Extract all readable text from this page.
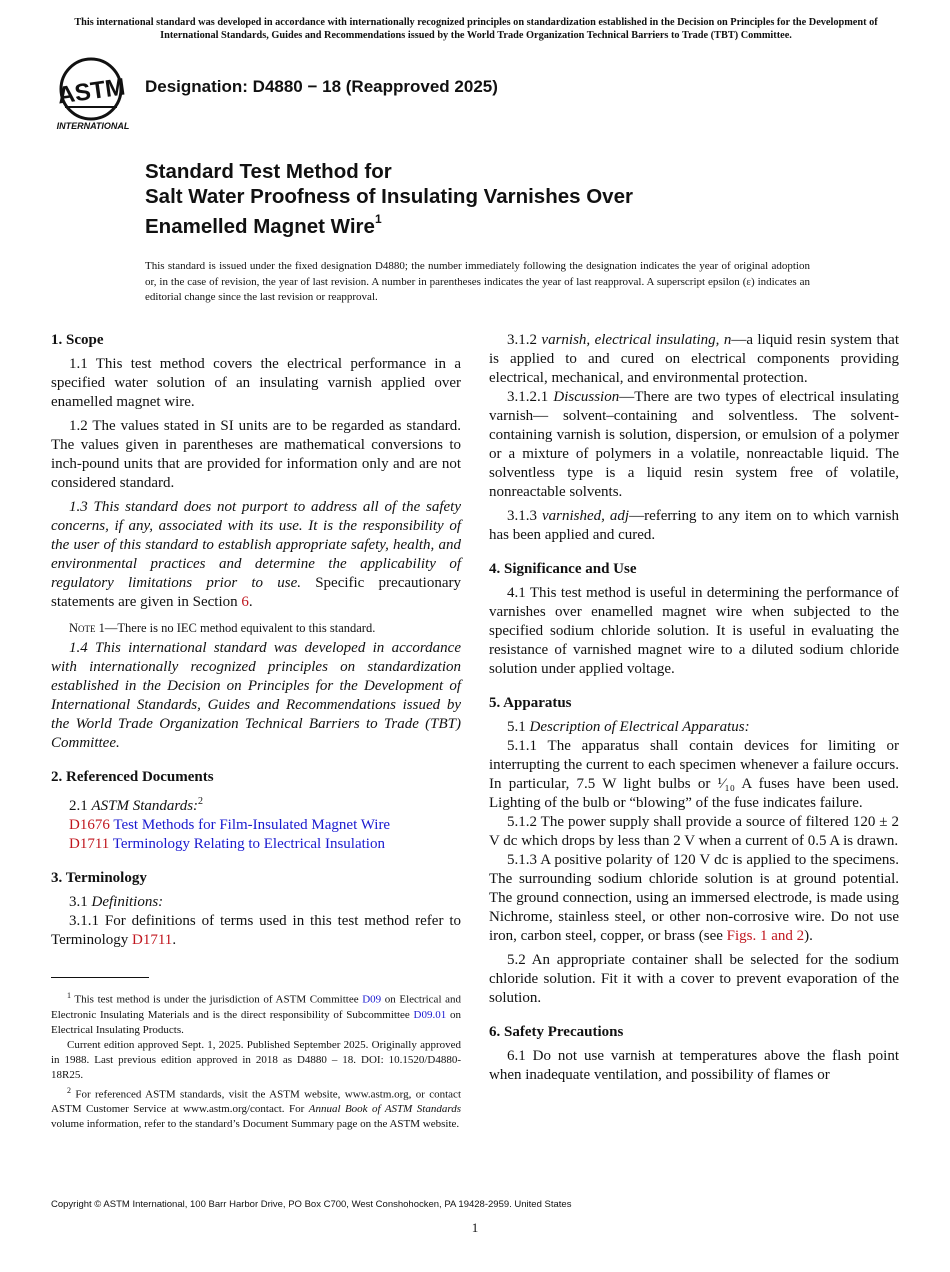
This international standard was developed in accordance with internationally recognized principles on standardization established in the Decision on Principles for the Development of International Standards, Guides and Recommendations issued by the World Trade Organization Technical Barriers to Trade (TBT) Committee.
ASTM
INTERNATIONAL
Designation: D4880 − 18 (Reapproved 2025)
Standard Test Method for
Salt Water Proofness of Insulating Varnishes Over
Enamelled Magnet Wire$^1$
This standard is issued under the fixed designation D4880; the number immediately following the designation indicates the year of original adoption or, in the case of revision, the year of last revision. A number in parentheses indicates the year of last reapproval. A superscript epsilon (ε) indicates an editorial change since the last revision or reapproval.
1. Scope

1.1 This test method covers the electrical performance in a specified water solution of an insulating varnish applied over enamelled magnet wire.

1.2 The values stated in SI units are to be regarded as standard. The values given in parentheses are mathematical conversions to inch-pound units that are provided for information only and are not considered standard.

1.3 This standard does not purport to address all of the safety concerns, if any, associated with its use. It is the responsibility of the user of this standard to establish appropriate safety, health, and environmental practices and determine the applicability of regulatory limitations prior to use. Specific precautionary statements are given in Section 6.

Note 1—There is no IEC method equivalent to this standard.

1.4 This international standard was developed in accordance with internationally recognized principles on standardization established in the Decision on Principles for the Development of International Standards, Guides and Recommendations issued by the World Trade Organization Technical Barriers to Trade (TBT) Committee.

2. Referenced Documents

2.1 ASTM Standards:$^2$

D1676 Test Methods for Film-Insulated Magnet Wire

D1711 Terminology Relating to Electrical Insulation

3. Terminology

3.1 Definitions:

3.1.1 For definitions of terms used in this test method refer to Terminology D1711.

$^1$ This test method is under the jurisdiction of ASTM Committee D09 on Electrical and Electronic Insulating Materials and is the direct responsibility of Subcommittee D09.01 on Electrical Insulating Products.

Current edition approved Sept. 1, 2025. Published September 2025. Originally approved in 1988. Last previous edition approved in 2018 as D4880 – 18. DOI: 10.1520/D4880-18R25.

$^2$ For referenced ASTM standards, visit the ASTM website, www.astm.org, or contact ASTM Customer Service at www.astm.org/contact. For Annual Book of ASTM Standards volume information, refer to the standard’s Document Summary page on the ASTM website.

3.1.2 varnish, electrical insulating, n—a liquid resin system that is applied to and cured on electrical components providing electrical, mechanical, and environmental protection.

3.1.2.1 Discussion—There are two types of electrical insulating varnish— solvent–containing and solventless. The solvent-containing varnish is solution, dispersion, or emulsion of a polymer or a mixture of polymers in a volatile, nonreactable liquid. The solventless type is a liquid resin system free of volatile, nonreactable solvents.

3.1.3 varnished, adj—referring to any item on to which varnish has been applied and cured.

4. Significance and Use

4.1 This test method is useful in determining the performance of varnishes over enamelled magnet wire when subjected to the specified sodium chloride solution. It is useful in evaluating the resistance of varnished magnet wire to a diluted sodium chloride solution under applied voltage.

5. Apparatus

5.1 Description of Electrical Apparatus:

5.1.1 The apparatus shall contain devices for limiting or interrupting the current to each specimen whenever a failure occurs. In particular, 7.5 W light bulbs or ¹⁄₁₀ A fuses have been used. Lighting of the bulb or “blowing” of the fuse indicates failure.

5.1.2 The power supply shall provide a source of filtered 120 ± 2 V dc which drops by less than 2 V when a current of 0.5 A is drawn.

5.1.3 A positive polarity of 120 V dc is applied to the specimens. The surrounding sodium chloride solution is at ground potential. The ground connection, using an immersed electrode, is made using Nichrome, stainless steel, or other non-corrosive wire. Do not use iron, carbon steel, copper, or brass (see Figs. 1 and 2).

5.2 An appropriate container shall be selected for the sodium chloride solution. Fit it with a cover to prevent evaporation of the solution.

6. Safety Precautions

6.1 Do not use varnish at temperatures above the flash point when inadequate ventilation, and possibility of flames or

Copyright © ASTM International, 100 Barr Harbor Drive, PO Box C700, West Conshohocken, PA 19428-2959. United States
1
